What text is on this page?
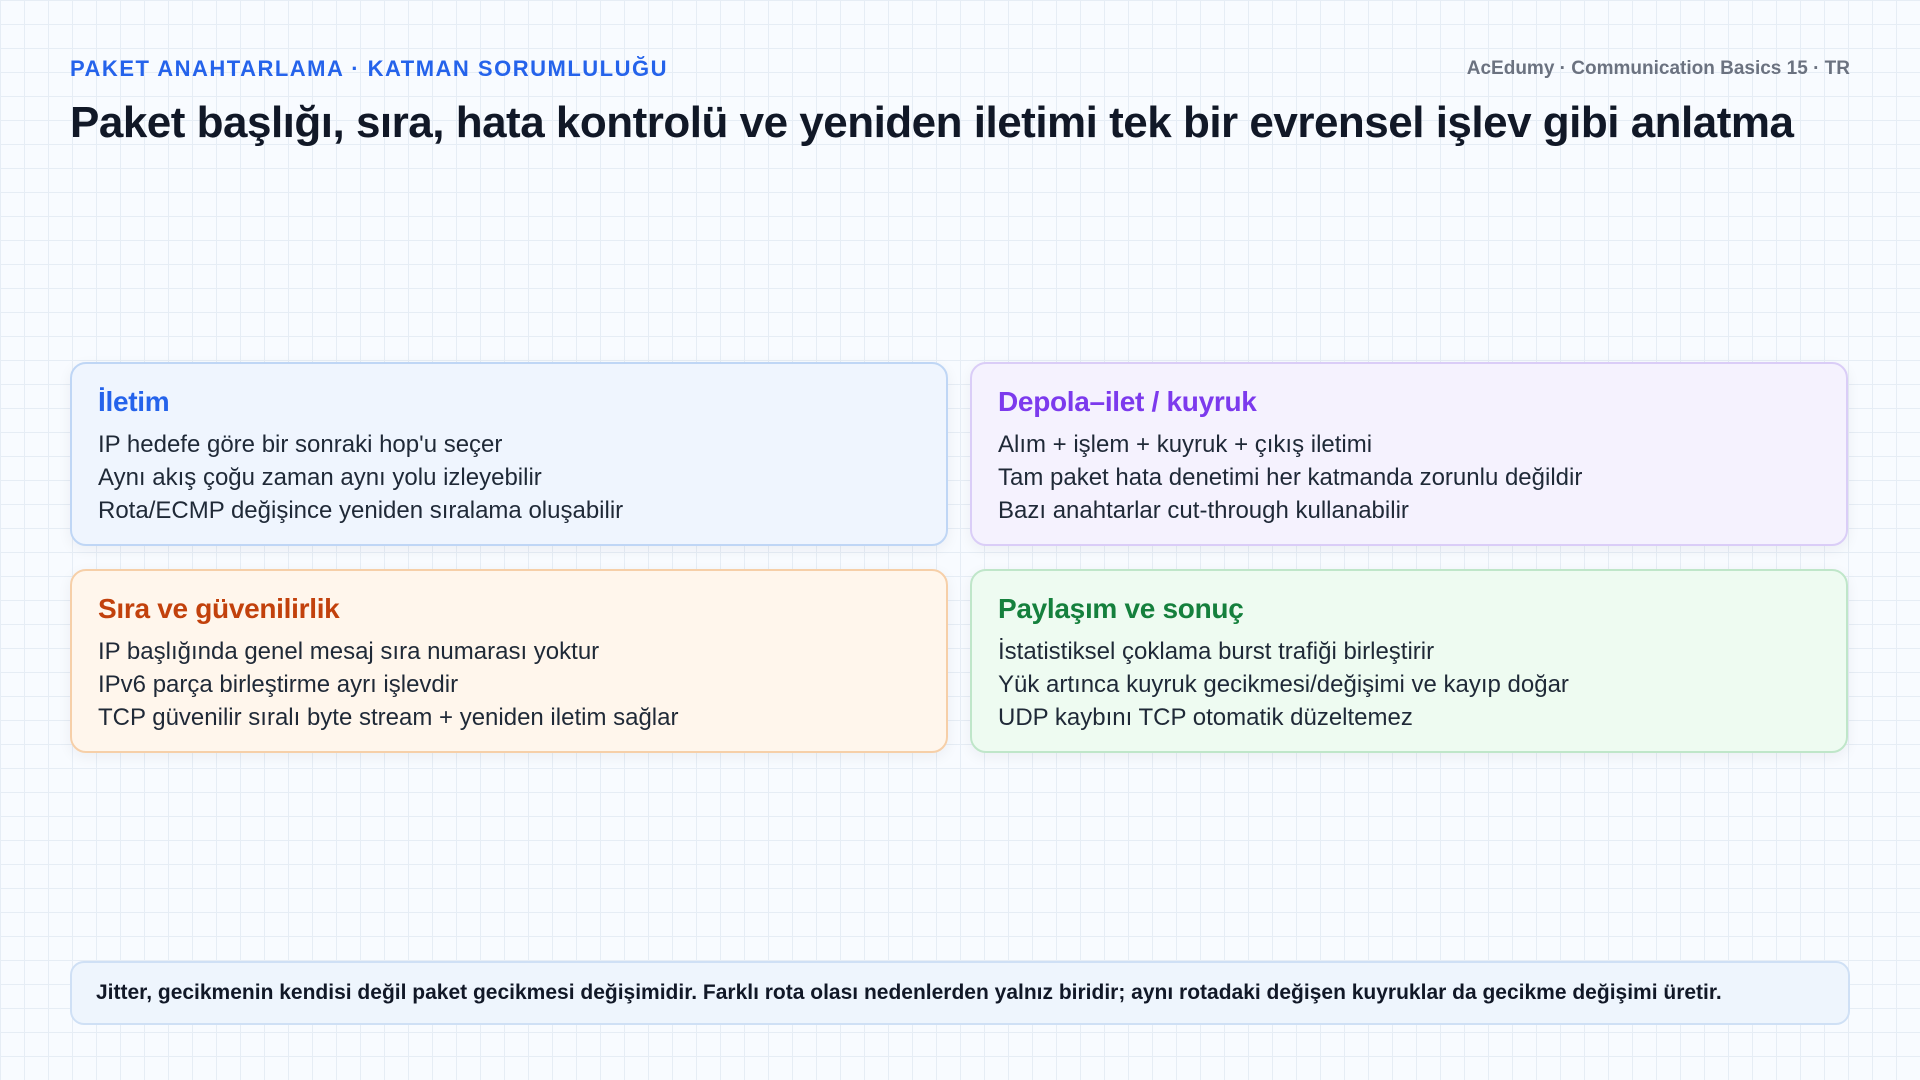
PAKET ANAHTARLAMA · KATMAN SORUMLULUĞU	AcEdumy · Communication Basics 15 · TR
Paket başlığı, sıra, hata kontrolü ve yeniden iletimi tek bir evrensel işlev gibi anlatma
İletim
IP hedefe göre bir sonraki hop'u seçer
Aynı akış çoğu zaman aynı yolu izleyebilir
Rota/ECMP değişince yeniden sıralama oluşabilir
Depola–ilet / kuyruk
Alım + işlem + kuyruk + çıkış iletimi
Tam paket hata denetimi her katmanda zorunlu değildir
Bazı anahtarlar cut-through kullanabilir
Sıra ve güvenilirlik
IP başlığında genel mesaj sıra numarası yoktur
IPv6 parça birleştirme ayrı işlevdir
TCP güvenilir sıralı byte stream + yeniden iletim sağlar
Paylaşım ve sonuç
İstatistiksel çoklama burst trafiği birleştirir
Yük artınca kuyruk gecikmesi/değişimi ve kayıp doğar
UDP kaybını TCP otomatik düzeltemez
Jitter, gecikmenin kendisi değil paket gecikmesi değişimidir. Farklı rota olası nedenlerden yalnız biridir; aynı rotadaki değişen kuyruklar da gecikme değişimi üretir.
